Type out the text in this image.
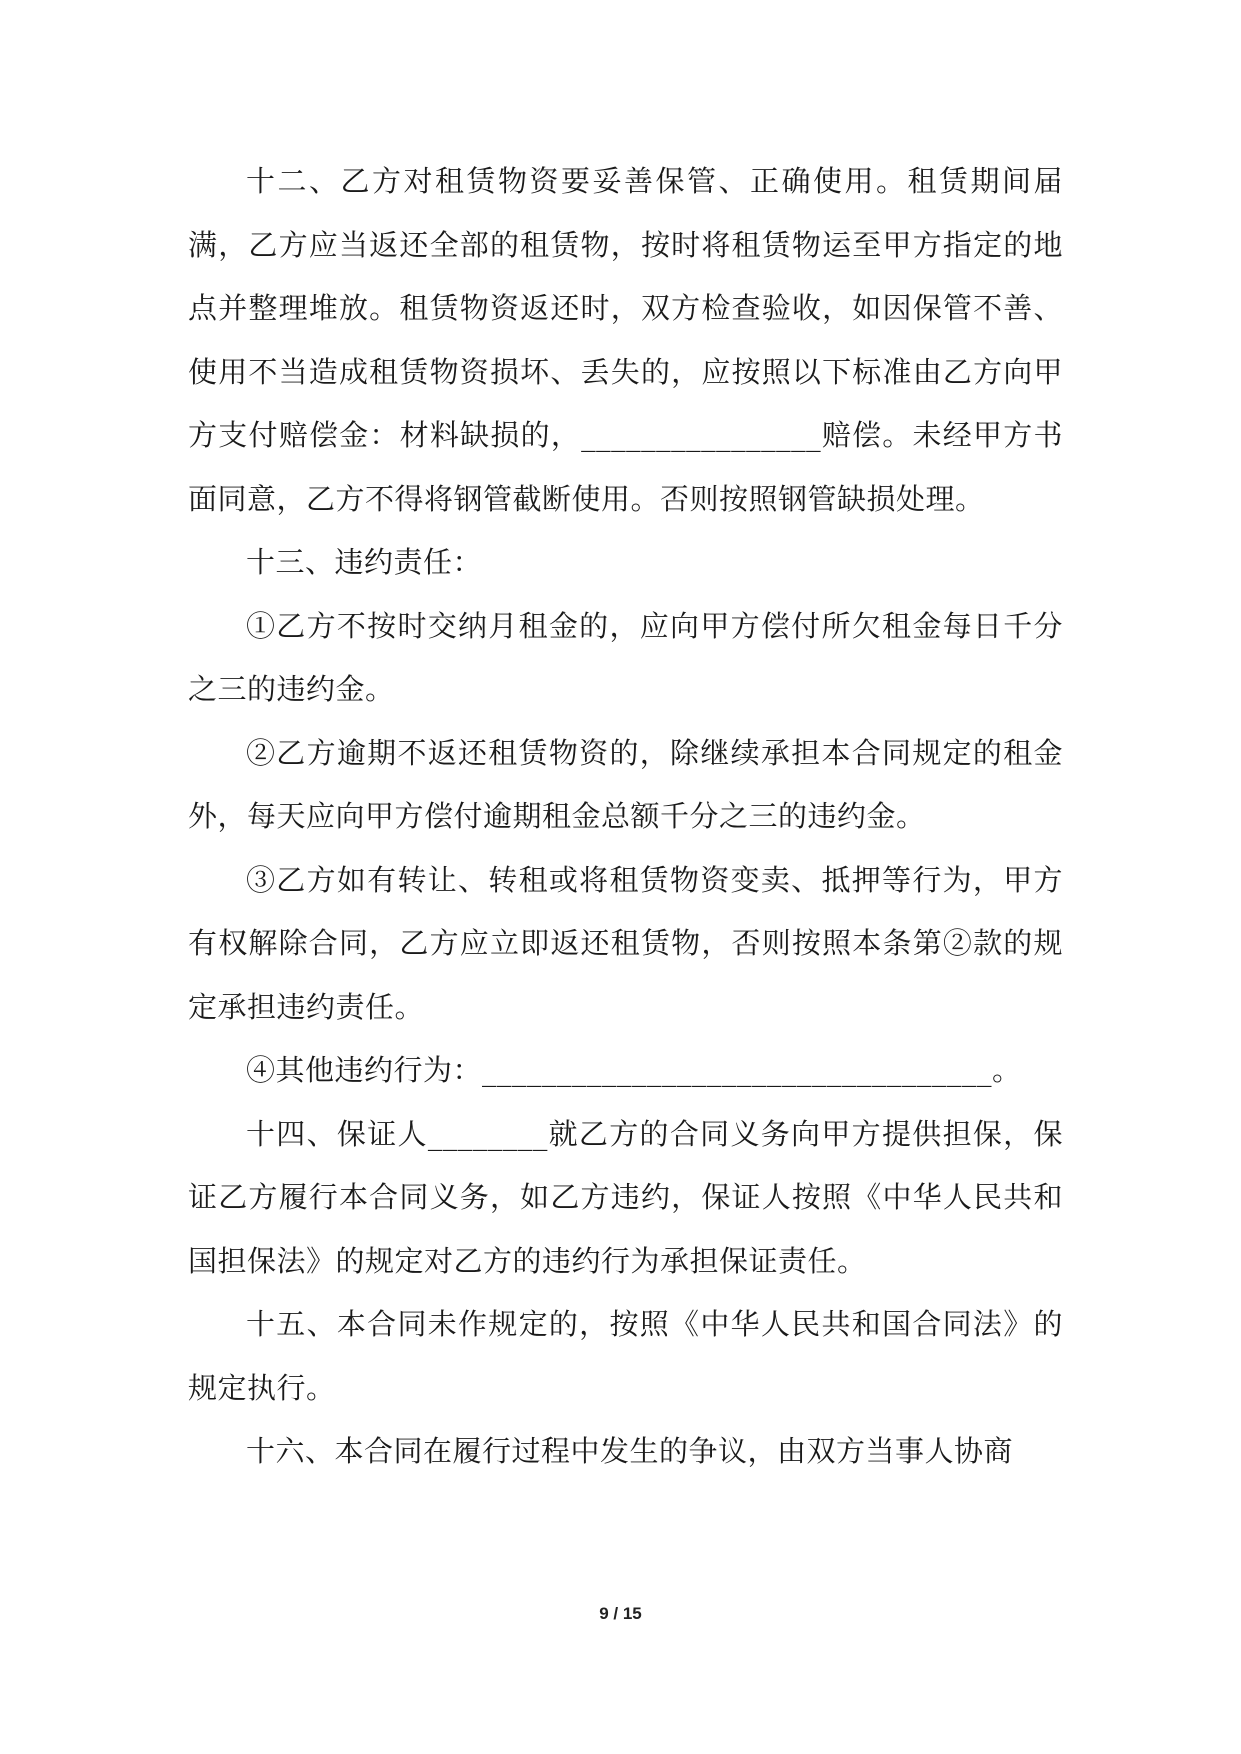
十二、乙方对租赁物资要妥善保管、正确使用。租赁期间届满，乙方应当返还全部的租赁物，按时将租赁物运至甲方指定的地点并整理堆放。租赁物资返还时，双方检查验收，如因保管不善、使用不当造成租赁物资损坏、丢失的，应按照以下标准由乙方向甲方支付赔偿金：材料缺损的，________________赔偿。未经甲方书面同意，乙方不得将钢管截断使用。否则按照钢管缺损处理。

十三、违约责任：

①乙方不按时交纳月租金的，应向甲方偿付所欠租金每日千分之三的违约金。

②乙方逾期不返还租赁物资的，除继续承担本合同规定的租金外，每天应向甲方偿付逾期租金总额千分之三的违约金。

③乙方如有转让、转租或将租赁物资变卖、抵押等行为，甲方有权解除合同，乙方应立即返还租赁物，否则按照本条第②款的规定承担违约责任。

④其他违约行为：__________________________________。

十四、保证人________就乙方的合同义务向甲方提供担保，保证乙方履行本合同义务，如乙方违约，保证人按照《中华人民共和国担保法》的规定对乙方的违约行为承担保证责任。

十五、本合同未作规定的，按照《中华人民共和国合同法》的规定执行。

十六、本合同在履行过程中发生的争议，由双方当事人协商

9 / 15
